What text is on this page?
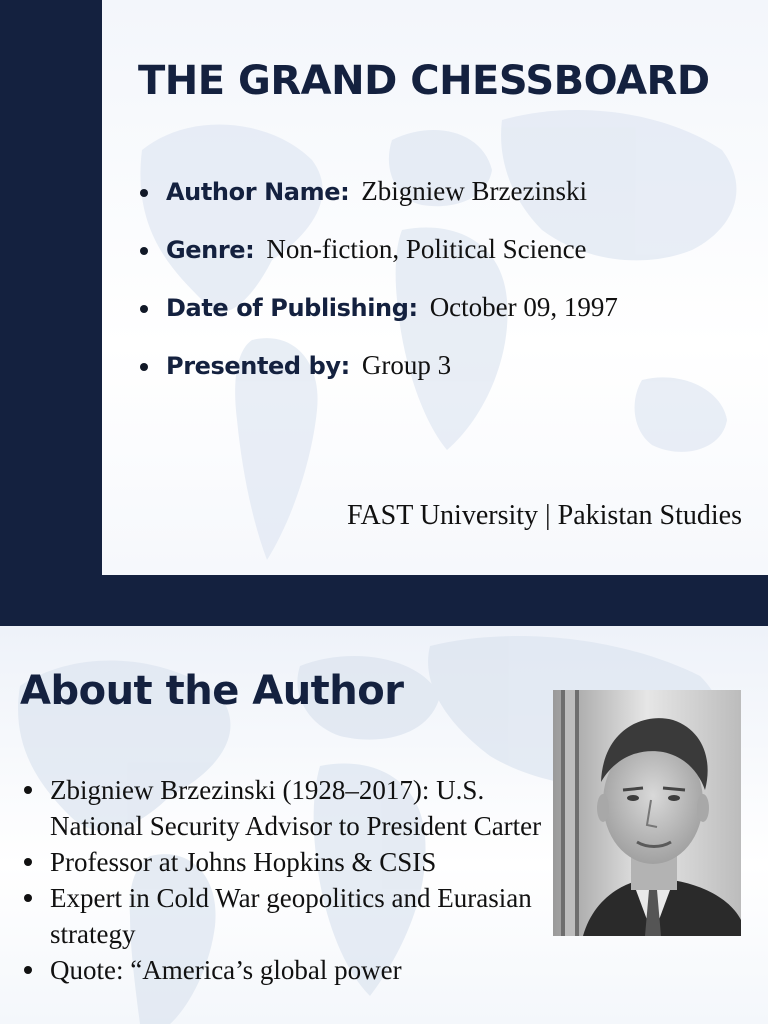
THE GRAND CHESSBOARD
Author Name: Zbigniew Brzezinski
Genre: Non-fiction, Political Science
Date of Publishing: October 09, 1997
Presented by: Group 3
FAST University | Pakistan Studies
About the Author
Zbigniew Brzezinski (1928–2017): U.S. National Security Advisor to President Carter
Professor at Johns Hopkins & CSIS
Expert in Cold War geopolitics and Eurasian strategy
Quote: “America’s global power
